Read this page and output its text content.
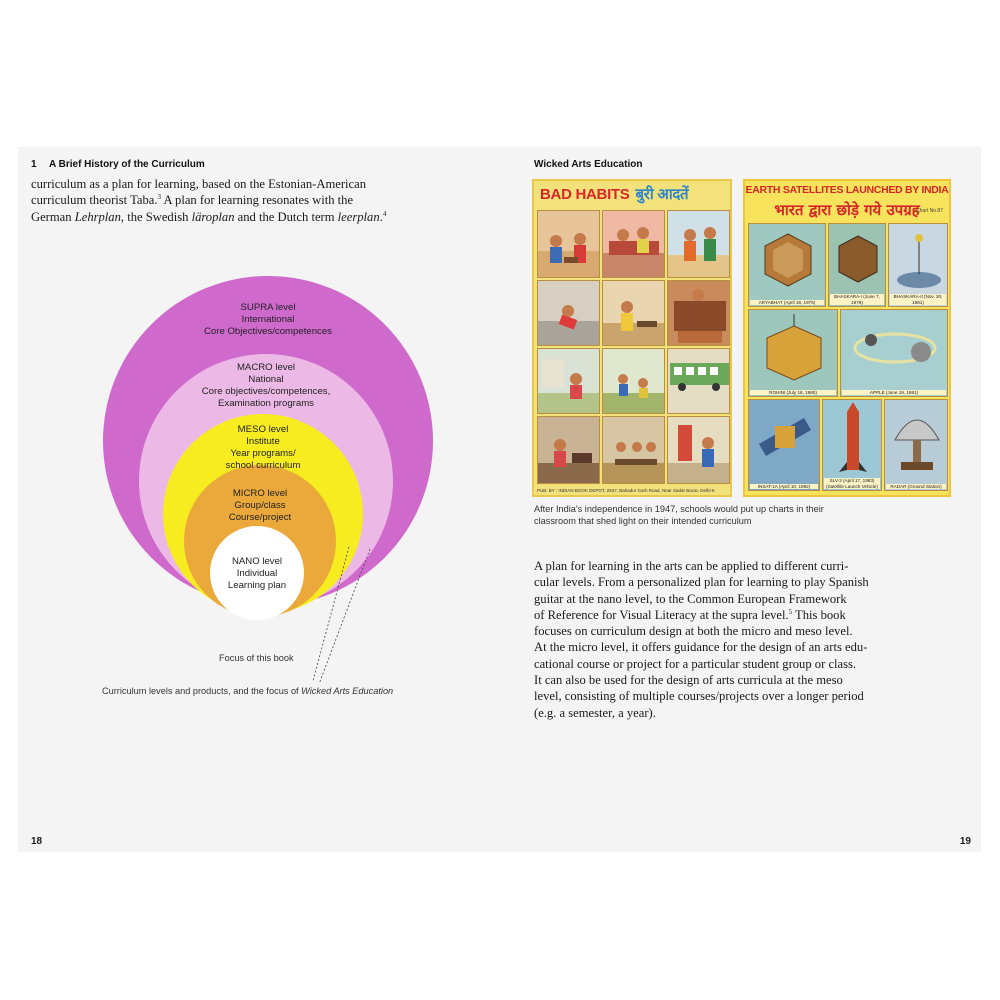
1 A Brief History of the Curriculum
curriculum as a plan for learning, based on the Estonian-American
curriculum theorist Taba.$^3$ A plan for learning resonates with the
German Lehrplan, the Swedish läroplan and the Dutch term leerplan.$^4$
SUPRA level
International
Core Objectives/competences
MACRO level
National
Core objectives/competences,
Examination programs
MESO level
Institute
Year programs/
school curriculum
MICRO level
Group/class
Course/project
NANO level
Individual
Learning plan
Focus of this book
Curriculum levels and products, and the focus of Wicked Arts Education
18
Wicked Arts Education
BAD HABITS बुरी आदतें
PUB. BY : INDIAN BOOK DEPOT, 2937, Bahadur Garh Road, Near Sadar Bazar, Delhi-6
EARTH SATELLITES LAUNCHED BY INDIA
भारत द्वारा छोड़े गये उपग्रह
Chart No.87
ARYABHAT (April 19, 1975)
BHASKARA-I (June 7, 1979)
BHASKARA-II (Nov. 20, 1981)
ROHINI (July 18, 1980)	APPLE (June 19, 1981)
INSAT-1A (April 10, 1982)
SLV-3 (April 17, 1983) (Satellite Launch Vehicle)	RADAR (Ground Station)
After India's independence in 1947, schools would put up charts in their
classroom that shed light on their intended curriculum
A plan for learning in the arts can be applied to different curri-
cular levels. From a personalized plan for learning to play Spanish
guitar at the nano level, to the Common European Framework
of Reference for Visual Literacy at the supra level.$^5$ This book
focuses on curriculum design at both the micro and meso level.
At the micro level, it offers guidance for the design of an arts edu-
cational course or project for a particular student group or class.
It can also be used for the design of arts curricula at the meso
level, consisting of multiple courses/projects over a longer period
(e.g. a semester, a year).
19
